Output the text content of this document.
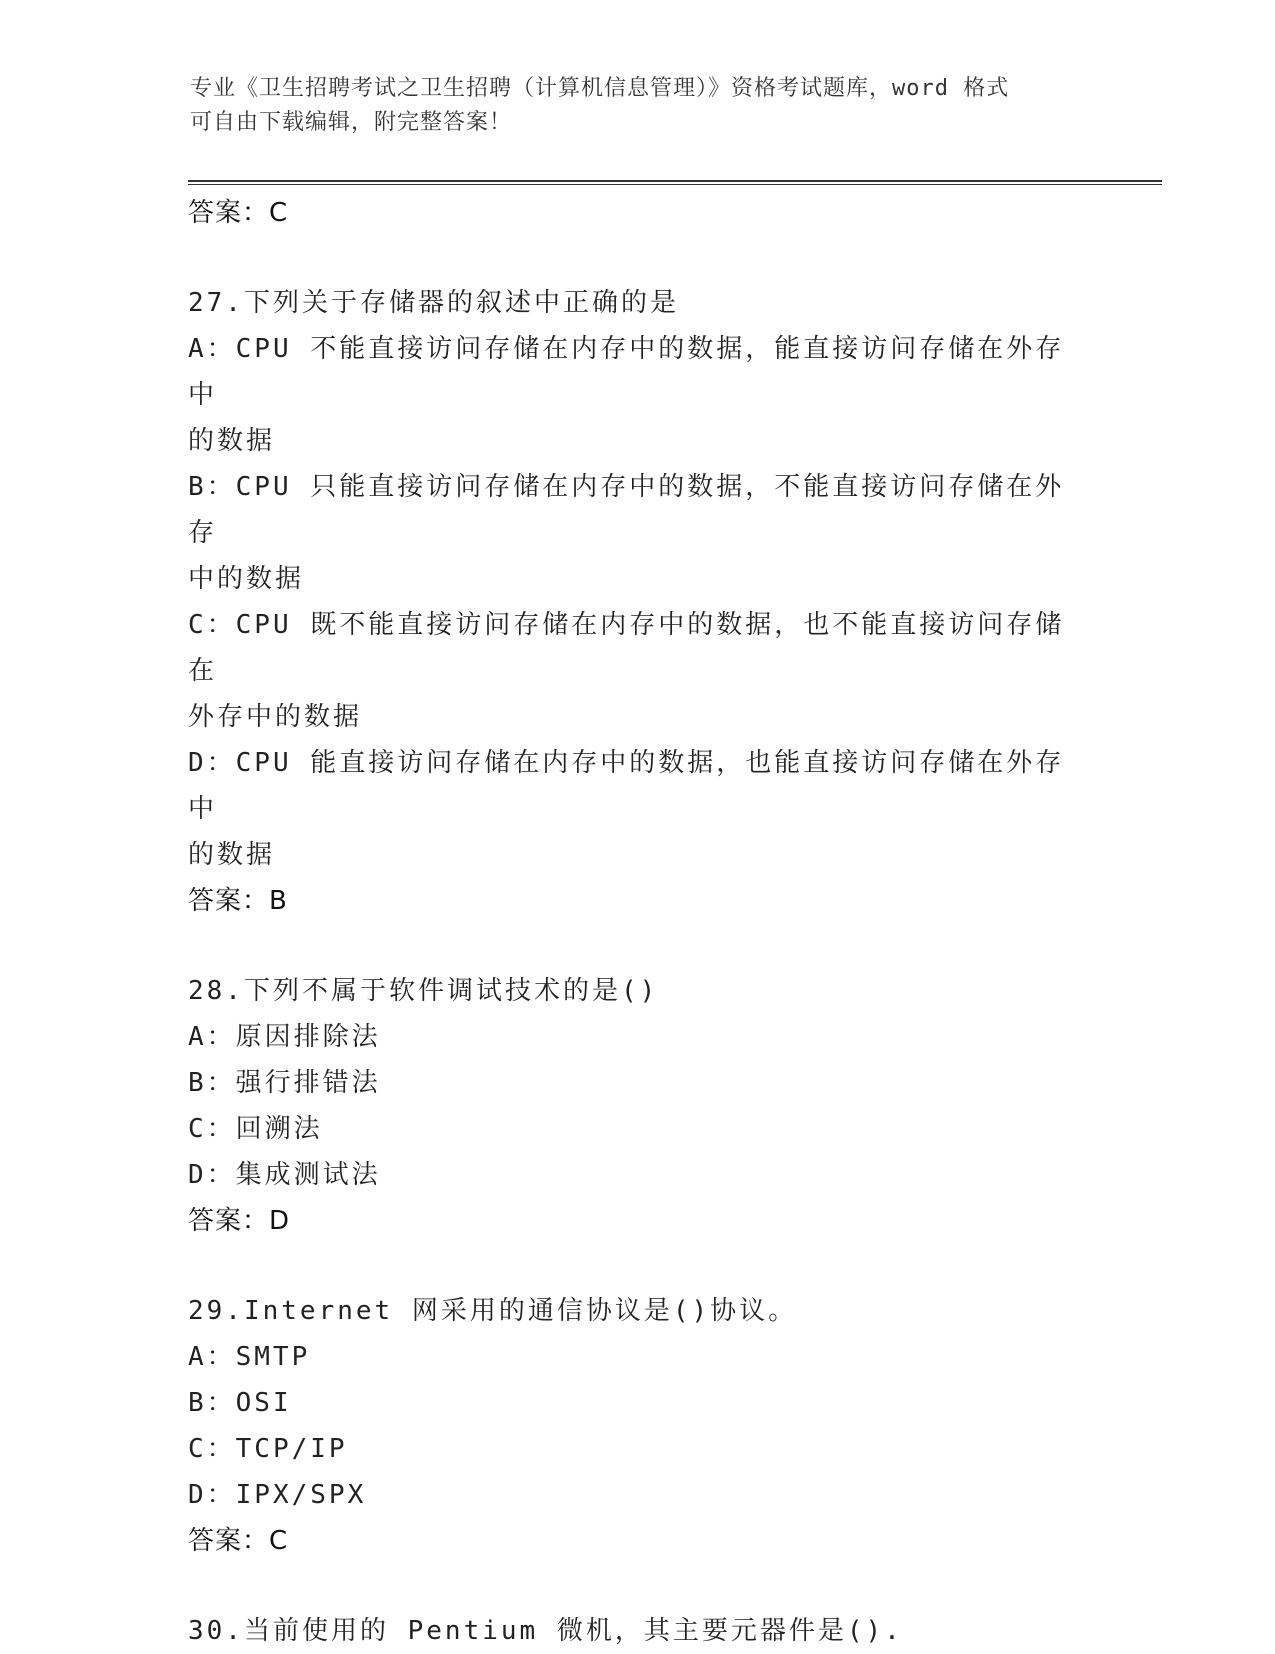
专业《卫生招聘考试之卫生招聘（计算机信息管理）》资格考试题库，word 格式
可自由下载编辑，附完整答案！
答案：C
27.下列关于存储器的叙述中正确的是
A：CPU 不能直接访问存储在内存中的数据，能直接访问存储在外存中
的数据
B：CPU 只能直接访问存储在内存中的数据，不能直接访问存储在外存
中的数据
C：CPU 既不能直接访问存储在内存中的数据，也不能直接访问存储在
外存中的数据
D：CPU 能直接访问存储在内存中的数据，也能直接访问存储在外存中
的数据
答案：B
28.下列不属于软件调试技术的是()
A：原因排除法
B：强行排错法
C：回溯法
D：集成测试法
答案：D
29.Internet 网采用的通信协议是()协议。
A：SMTP
B：OSI
C：TCP/IP
D：IPX/SPX
答案：C
30.当前使用的 Pentium 微机，其主要元器件是().
